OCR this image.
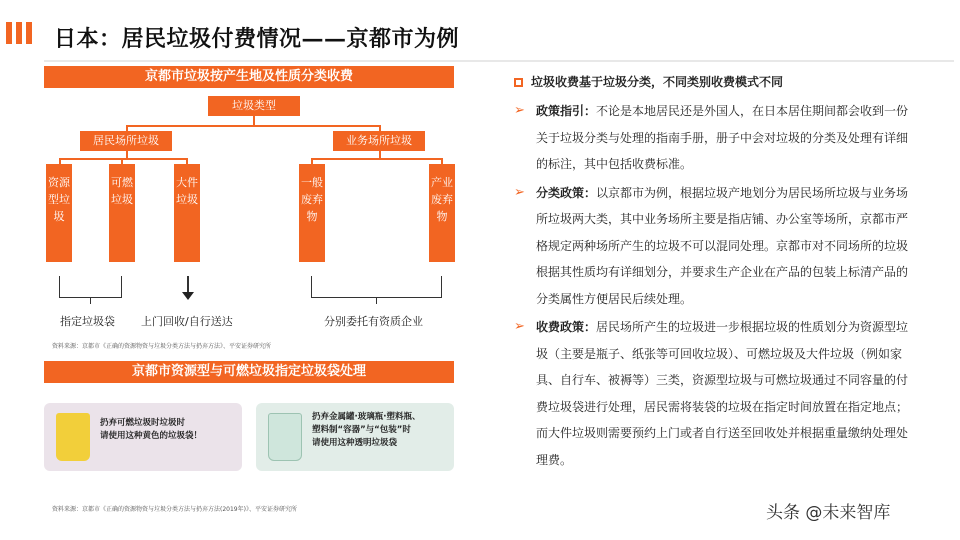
日本：居民垃圾付费情况——京都市为例
京都市垃圾按产生地及性质分类收费
垃圾类型
居民场所垃圾	业务场所垃圾
资源型垃圾
可燃垃圾
大件垃圾
一般废弃物
产业废弃物
指定垃圾袋 上门回收/自行送达	分别委托有资质企业
资料来源：京都市《正确的资源物资与垃圾分类方法与扔弃方法》、平安证券研究所
京都市资源型与可燃垃圾指定垃圾袋处理
扔弃可燃垃圾时垃圾时
请使用这种黄色的垃圾袋！
扔弃金属罐·玻璃瓶·塑料瓶、
塑料制“容器”与“包装”时
请使用这种透明垃圾袋
资料来源：京都市《正确的资源物资与垃圾分类方法与扔弃方法(2019年)》、平安证券研究所
垃圾收费基于垃圾分类，不同类别收费模式不同
➢ 政策指引：不论是本地居民还是外国人，在日本居住期间都会收到一份关于垃圾分类与处理的指南手册，册子中会对垃圾的分类及处理有详细的标注，其中包括收费标准。
➢ 分类政策：以京都市为例，根据垃圾产地划分为居民场所垃圾与业务场所垃圾两大类，其中业务场所主要是指店铺、办公室等场所，京都市严格规定两种场所产生的垃圾不可以混同处理。京都市对不同场所的垃圾根据其性质均有详细划分，并要求生产企业在产品的包装上标清产品的分类属性方便居民后续处理。
➢ 收费政策：居民场所产生的垃圾进一步根据垃圾的性质划分为资源型垃圾（主要是瓶子、纸张等可回收垃圾）、可燃垃圾及大件垃圾（例如家具、自行车、被褥等）三类，资源型垃圾与可燃垃圾通过不同容量的付费垃圾袋进行处理，居民需将装袋的垃圾在指定时间放置在指定地点；而大件垃圾则需要预约上门或者自行送至回收处并根据重量缴纳处理处理费。
头条 @未来智库
